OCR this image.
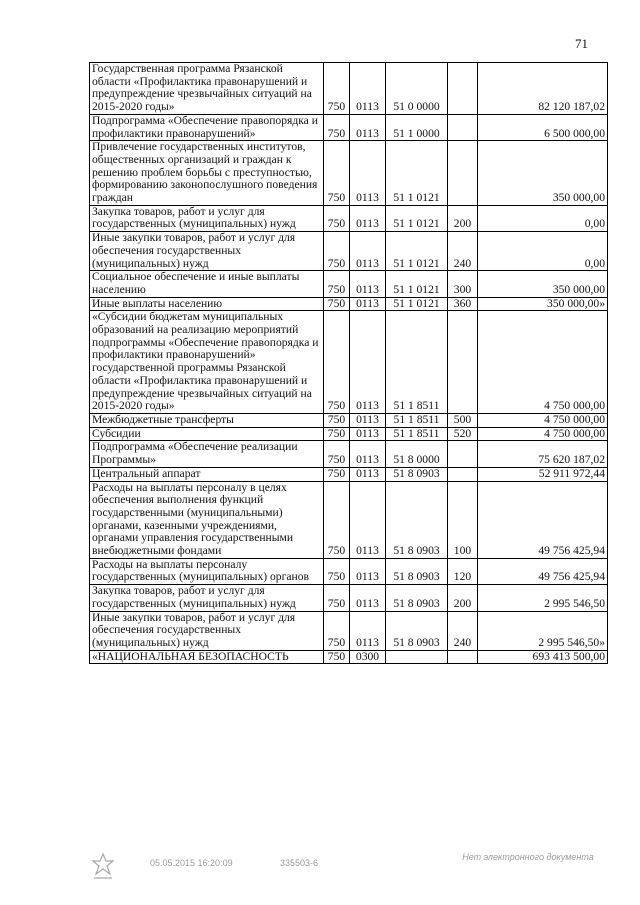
71
Государственная программа Рязанской области «Профилактика правонарушений и предупреждение чрезвычайных ситуаций на 2015-2020 годы»	750	0113	51 0 0000		82 120 187,02
Подпрограмма «Обеспечение правопорядка и профилактики правонарушений»	750	0113	51 1 0000		6 500 000,00
Привлечение государственных институтов, общественных организаций и граждан к решению проблем борьбы с преступностью, формированию законопослушного поведения граждан	750	0113	51 1 0121		350 000,00
Закупка товаров, работ и услуг для государственных (муниципальных) нужд	750	0113	51 1 0121	200	0,00
Иные закупки товаров, работ и услуг для обеспечения государственных (муниципальных) нужд	750	0113	51 1 0121	240	0,00
Социальное обеспечение и иные выплаты населению	750	0113	51 1 0121	300	350 000,00
Иные выплаты населению	750	0113	51 1 0121	360	350 000,00»
«Субсидии бюджетам муниципальных образований на реализацию мероприятий подпрограммы «Обеспечение правопорядка и профилактики правонарушений» государственной программы Рязанской области «Профилактика правонарушений и предупреждение чрезвычайных ситуаций на 2015-2020 годы»	750	0113	51 1 8511		4 750 000,00
Межбюджетные трансферты	750	0113	51 1 8511	500	4 750 000,00
Субсидии	750	0113	51 1 8511	520	4 750 000,00
Подпрограмма «Обеспечение реализации Программы»	750	0113	51 8 0000		75 620 187,02
Центральный аппарат	750	0113	51 8 0903		52 911 972,44
Расходы на выплаты персоналу в целях обеспечения выполнения функций государственными (муниципальными) органами, казенными учреждениями, органами управления государственными внебюджетными фондами	750	0113	51 8 0903	100	49 756 425,94
Расходы на выплаты персоналу государственных (муниципальных) органов	750	0113	51 8 0903	120	49 756 425,94
Закупка товаров, работ и услуг для государственных (муниципальных) нужд	750	0113	51 8 0903	200	2 995 546,50
Иные закупки товаров, работ и услуг для обеспечения государственных (муниципальных) нужд	750	0113	51 8 0903	240	2 995 546,50»
«НАЦИОНАЛЬНАЯ БЕЗОПАСНОСТЬ	750	0300			693 413 500,00
05.05.2015 16:20:09	335503-6
Нет электронного документа
